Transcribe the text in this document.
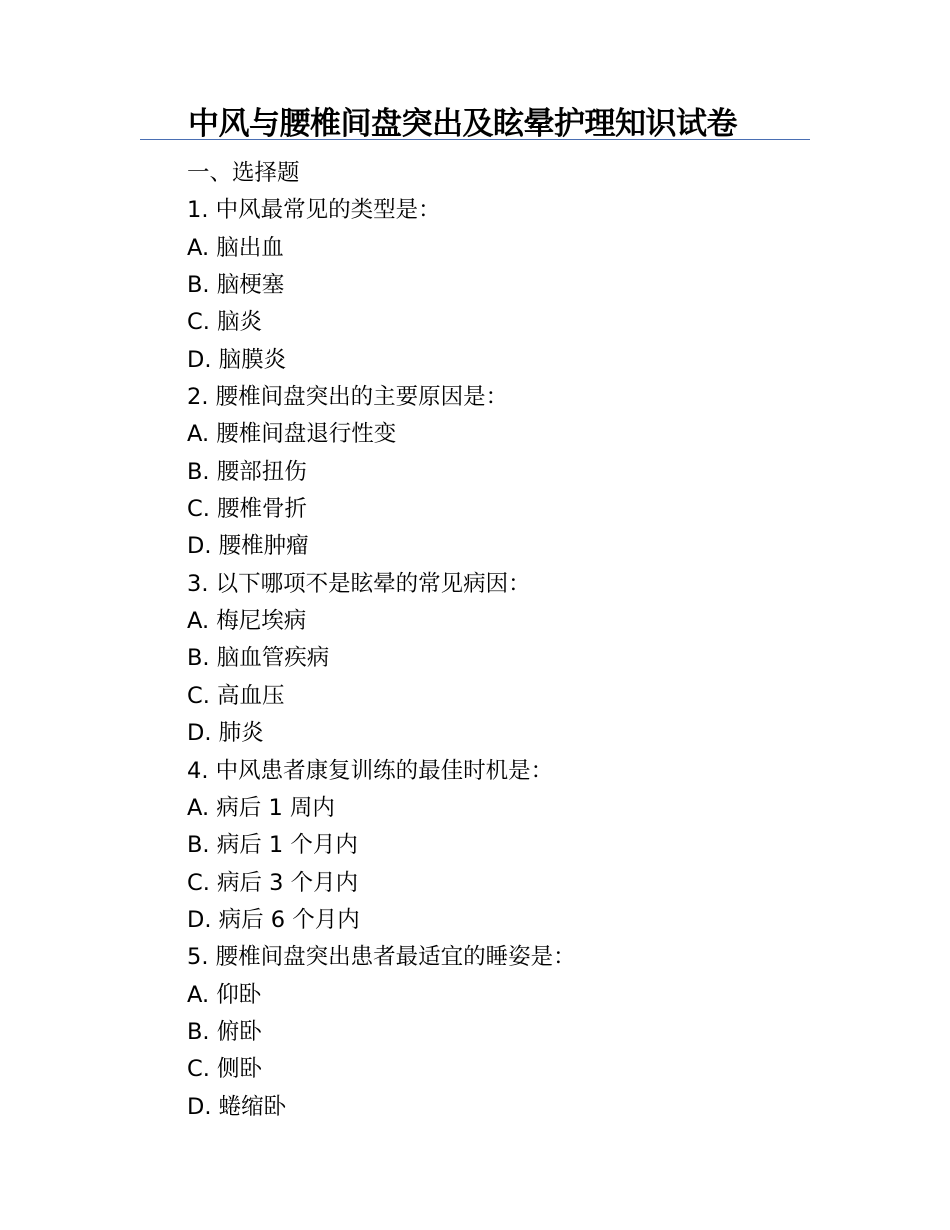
中风与腰椎间盘突出及眩晕护理知识试卷
一、选择题
1. 中风最常见的类型是：
A. 脑出血
B. 脑梗塞
C. 脑炎
D. 脑膜炎
2. 腰椎间盘突出的主要原因是：
A. 腰椎间盘退行性变
B. 腰部扭伤
C. 腰椎骨折
D. 腰椎肿瘤
3. 以下哪项不是眩晕的常见病因：
A. 梅尼埃病
B. 脑血管疾病
C. 高血压
D. 肺炎
4. 中风患者康复训练的最佳时机是：
A. 病后 1 周内
B. 病后 1 个月内
C. 病后 3 个月内
D. 病后 6 个月内
5. 腰椎间盘突出患者最适宜的睡姿是：
A. 仰卧
B. 俯卧
C. 侧卧
D. 蜷缩卧
